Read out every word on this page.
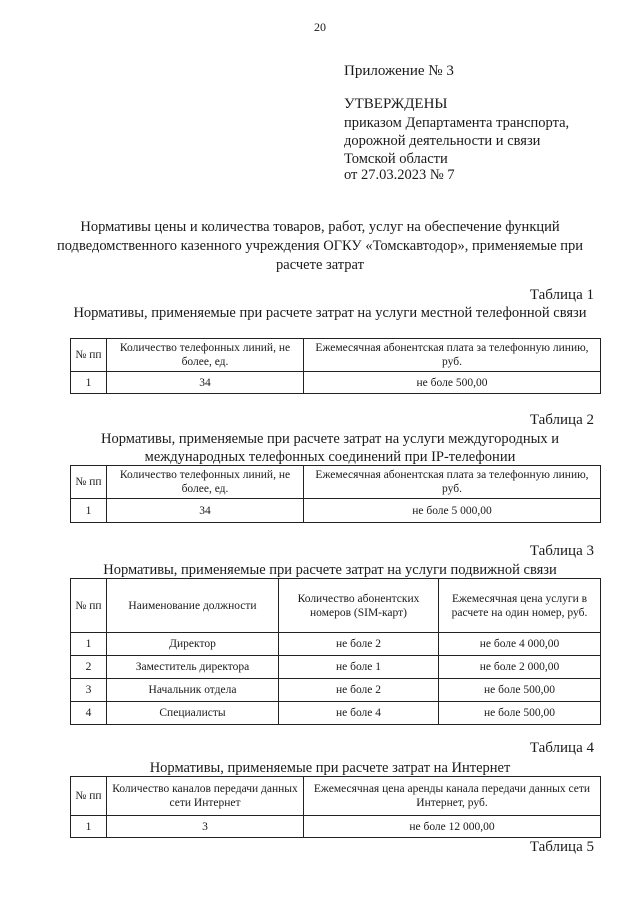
20
Приложение № 3
УТВЕРЖДЕНЫ
приказом Департамента транспорта,
дорожной деятельности и связи
Томской области
от 27.03.2023 № 7
Нормативы цены и количества товаров, работ, услуг на обеспечение функций подведомственного казенного учреждения ОГКУ «Томскавтодор», применяемые при расчете затрат
Таблица 1
Нормативы, применяемые при расчете затрат на услуги местной телефонной связи
№ пп	Количество телефонных линий, не более, ед.	Ежемесячная абонентская плата за телефонную линию, руб.
1	34	не боле 500,00
Таблица 2
Нормативы, применяемые при расчете затрат на услуги междугородных и международных телефонных соединений при IP-телефонии
№ пп	Количество телефонных линий, не более, ед.	Ежемесячная абонентская плата за телефонную линию, руб.
1	34	не боле 5 000,00
Таблица 3
Нормативы, применяемые при расчете затрат на услуги подвижной связи
№ пп	Наименование должности	Количество абонентских номеров (SIM-карт)	Ежемесячная цена услуги в расчете на один номер, руб.
1	Директор	не боле 2	не боле 4 000,00
2	Заместитель директора	не боле 1	не боле 2 000,00
3	Начальник отдела	не боле 2	не боле 500,00
4	Специалисты	не боле 4	не боле 500,00
Таблица 4
Нормативы, применяемые при расчете затрат на Интернет
№ пп	Количество каналов передачи данных сети Интернет	Ежемесячная цена аренды канала передачи данных сети Интернет, руб.
1	3	не боле 12 000,00
Таблица 5
